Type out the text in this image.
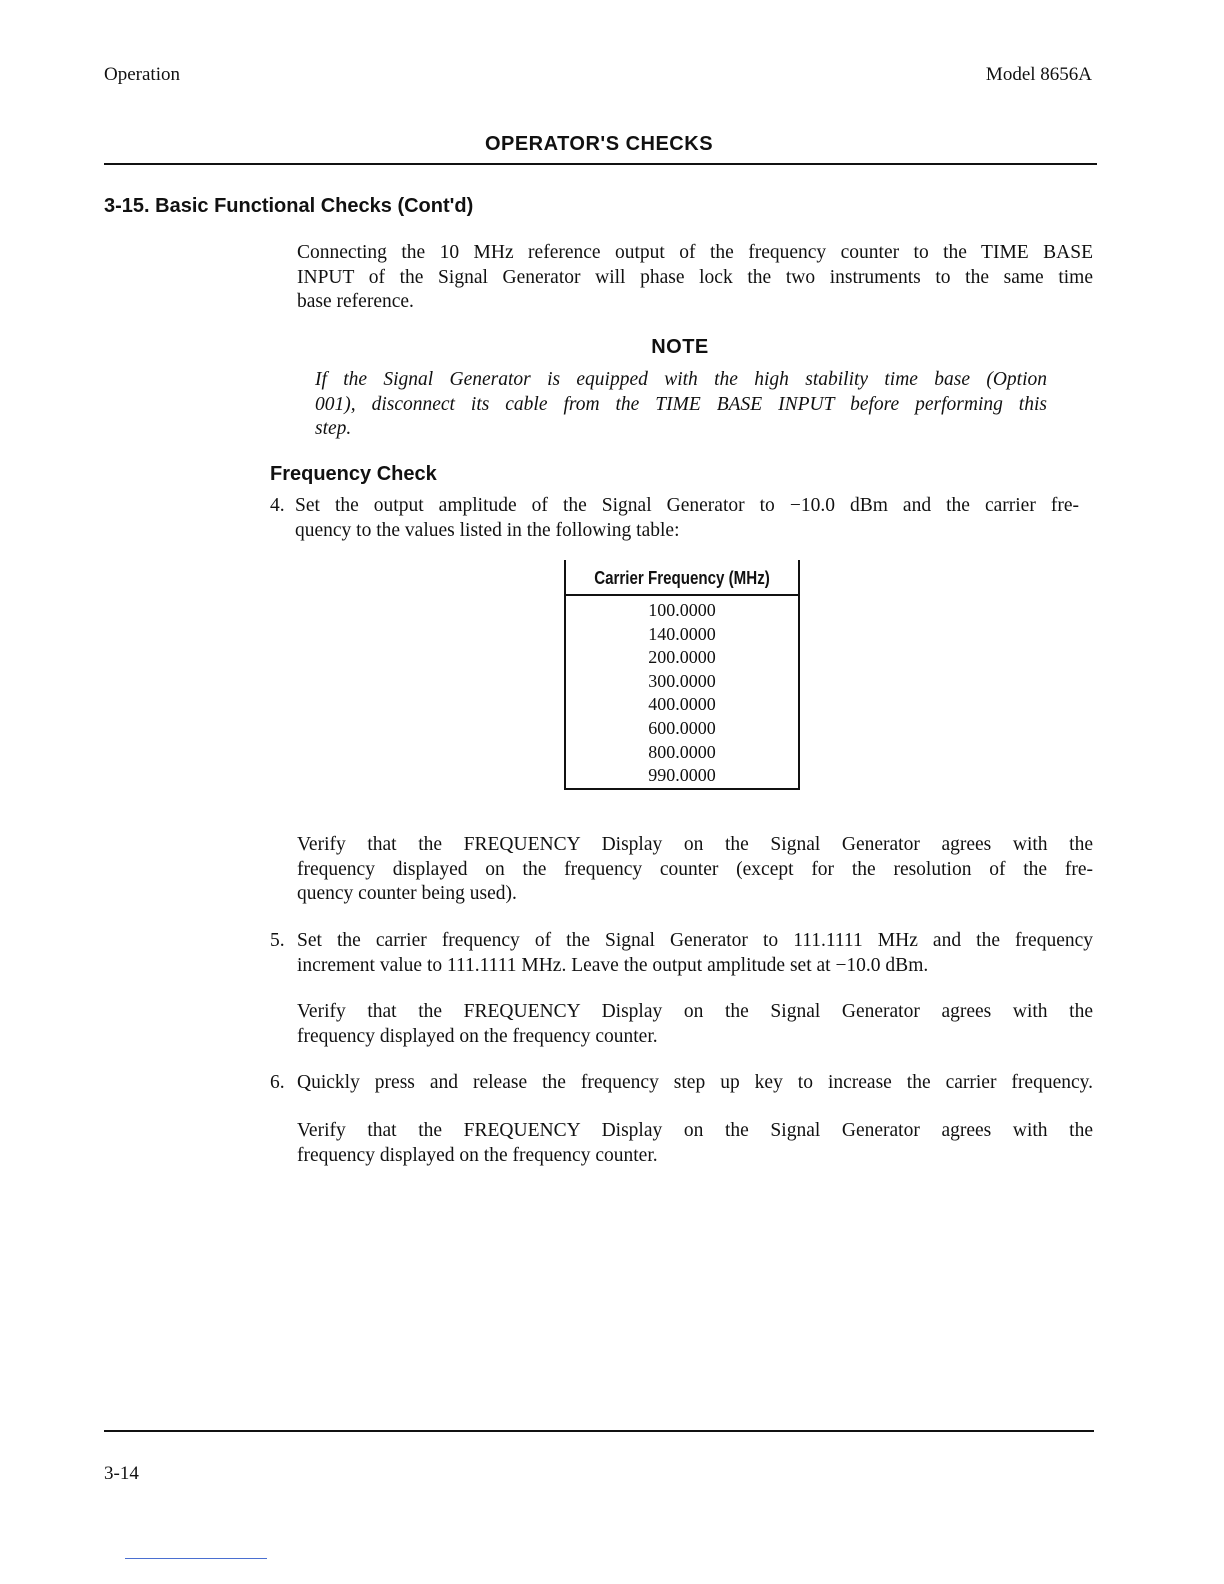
Operation	Model 8656A
OPERATOR'S CHECKS
3-15. Basic Functional Checks (Cont'd)
Connecting the 10 MHz reference output of the frequency counter to the TIME BASE
INPUT of the Signal Generator will phase lock the two instruments to the same time
base reference.
NOTE
If the Signal Generator is equipped with the high stability time base (Option
001), disconnect its cable from the TIME BASE INPUT before performing this
step.
Frequency Check
4. Set the output amplitude of the Signal Generator to −10.0 dBm and the carrier fre-
quency to the values listed in the following table:
Carrier Frequency (MHz)
100.0000
140.0000
200.0000
300.0000
400.0000
600.0000
800.0000
990.0000
Verify that the FREQUENCY Display on the Signal Generator agrees with the
frequency displayed on the frequency counter (except for the resolution of the fre-
quency counter being used).
5. Set the carrier frequency of the Signal Generator to 111.1111 MHz and the frequency
increment value to 111.1111 MHz. Leave the output amplitude set at −10.0 dBm.
Verify that the FREQUENCY Display on the Signal Generator agrees with the
frequency displayed on the frequency counter.
6. Quickly press and release the frequency step up key to increase the carrier frequency.
Verify that the FREQUENCY Display on the Signal Generator agrees with the
frequency displayed on the frequency counter.
3-14
